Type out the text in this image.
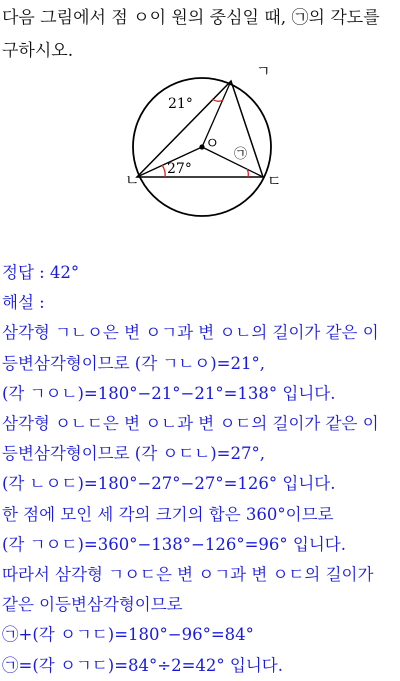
다음 그림에서 점 ㅇ이 원의 중심일 때, ㉠의 각도를
구하시오.
ㄱ
ㄴ	ㄷ
ㅇ
21°
27°
㉠
정답 : 42°
해설 :
삼각형 ㄱㄴㅇ은 변 ㅇㄱ과 변 ㅇㄴ의 길이가 같은 이
등변삼각형이므로 (각 ㄱㄴㅇ)=21°,
(각 ㄱㅇㄴ)=180°−21°−21°=138° 입니다.
삼각형 ㅇㄴㄷ은 변 ㅇㄴ과 변 ㅇㄷ의 길이가 같은 이
등변삼각형이므로 (각 ㅇㄷㄴ)=27°,
(각 ㄴㅇㄷ)=180°−27°−27°=126° 입니다.
한 점에 모인 세 각의 크기의 합은 360°이므로
(각 ㄱㅇㄷ)=360°−138°−126°=96° 입니다.
따라서 삼각형 ㄱㅇㄷ은 변 ㅇㄱ과 변 ㅇㄷ의 길이가
같은 이등변삼각형이므로
㉠+(각 ㅇㄱㄷ)=180°−96°=84°
㉠=(각 ㅇㄱㄷ)=84°÷2=42° 입니다.
